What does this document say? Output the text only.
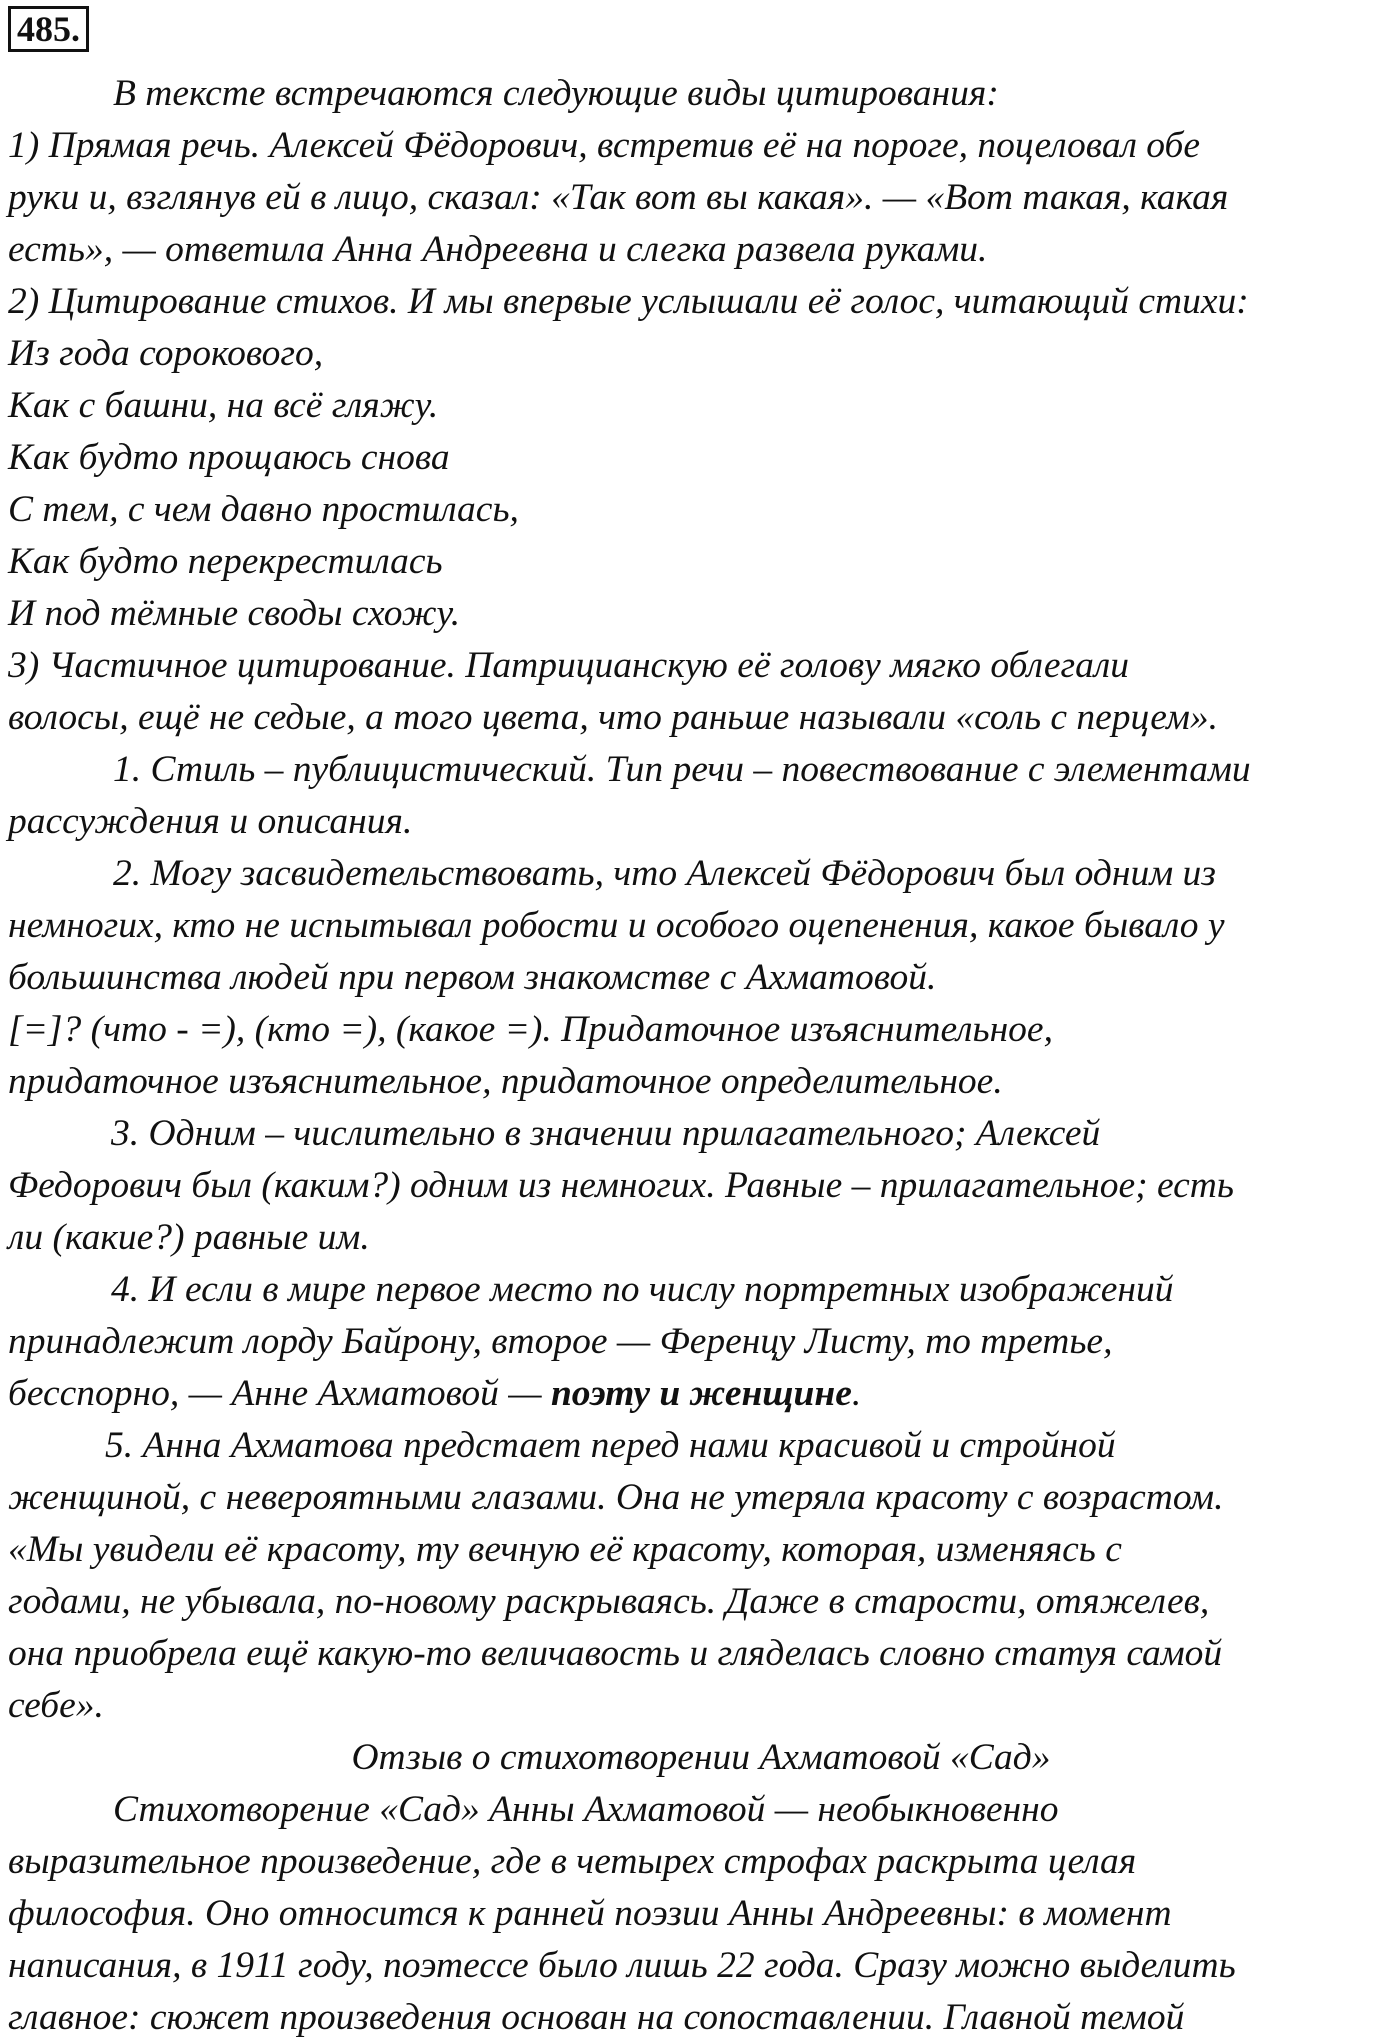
485.
В тексте встречаются следующие виды цитирования:
1) Прямая речь. Алексей Фёдорович, встретив её на пороге, поцеловал обе
руки и, взглянув ей в лицо, сказал: «Так вот вы какая». — «Вот такая, какая
есть», — ответила Анна Андреевна и слегка развела руками.
2) Цитирование стихов. И мы впервые услышали её голос, читающий стихи:
Из года сорокового,
Как с башни, на всё гляжу.
Как будто прощаюсь снова
С тем, с чем давно простилась,
Как будто перекрестилась
И под тёмные своды схожу.
3) Частичное цитирование. Патрицианскую её голову мягко облегали
волосы, ещё не седые, а того цвета, что раньше называли «соль с перцем».
1. Стиль – публицистический. Тип речи – повествование с элементами
рассуждения и описания.
2. Могу засвидетельствовать, что Алексей Фёдорович был одним из
немногих, кто не испытывал робости и особого оцепенения, какое бывало у
большинства людей при первом знакомстве с Ахматовой.
[=]? (что - =), (кто =), (какое =). Придаточное изъяснительное,
придаточное изъяснительное, придаточное определительное.
3. Одним – числительно в значении прилагательного; Алексей
Федорович был (каким?) одним из немногих. Равные – прилагательное; есть
ли (какие?) равные им.
4. И если в мире первое место по числу портретных изображений
принадлежит лорду Байрону, второе — Ференцу Листу, то третье,
бесспорно, — Анне Ахматовой — поэту и женщине.
5. Анна Ахматова предстает перед нами красивой и стройной
женщиной, с невероятными глазами. Она не утеряла красоту с возрастом.
«Мы увидели её красоту, ту вечную её красоту, которая, изменяясь с
годами, не убывала, по-новому раскрываясь. Даже в старости, отяжелев,
она приобрела ещё какую-то величавость и гляделась словно статуя самой
себе».
Отзыв о стихотворении Ахматовой «Сад»
Стихотворение «Сад» Анны Ахматовой — необыкновенно
выразительное произведение, где в четырех строфах раскрыта целая
философия. Оно относится к ранней поэзии Анны Андреевны: в момент
написания, в 1911 году, поэтессе было лишь 22 года. Сразу можно выделить
главное: сюжет произведения основан на сопоставлении. Главной темой
